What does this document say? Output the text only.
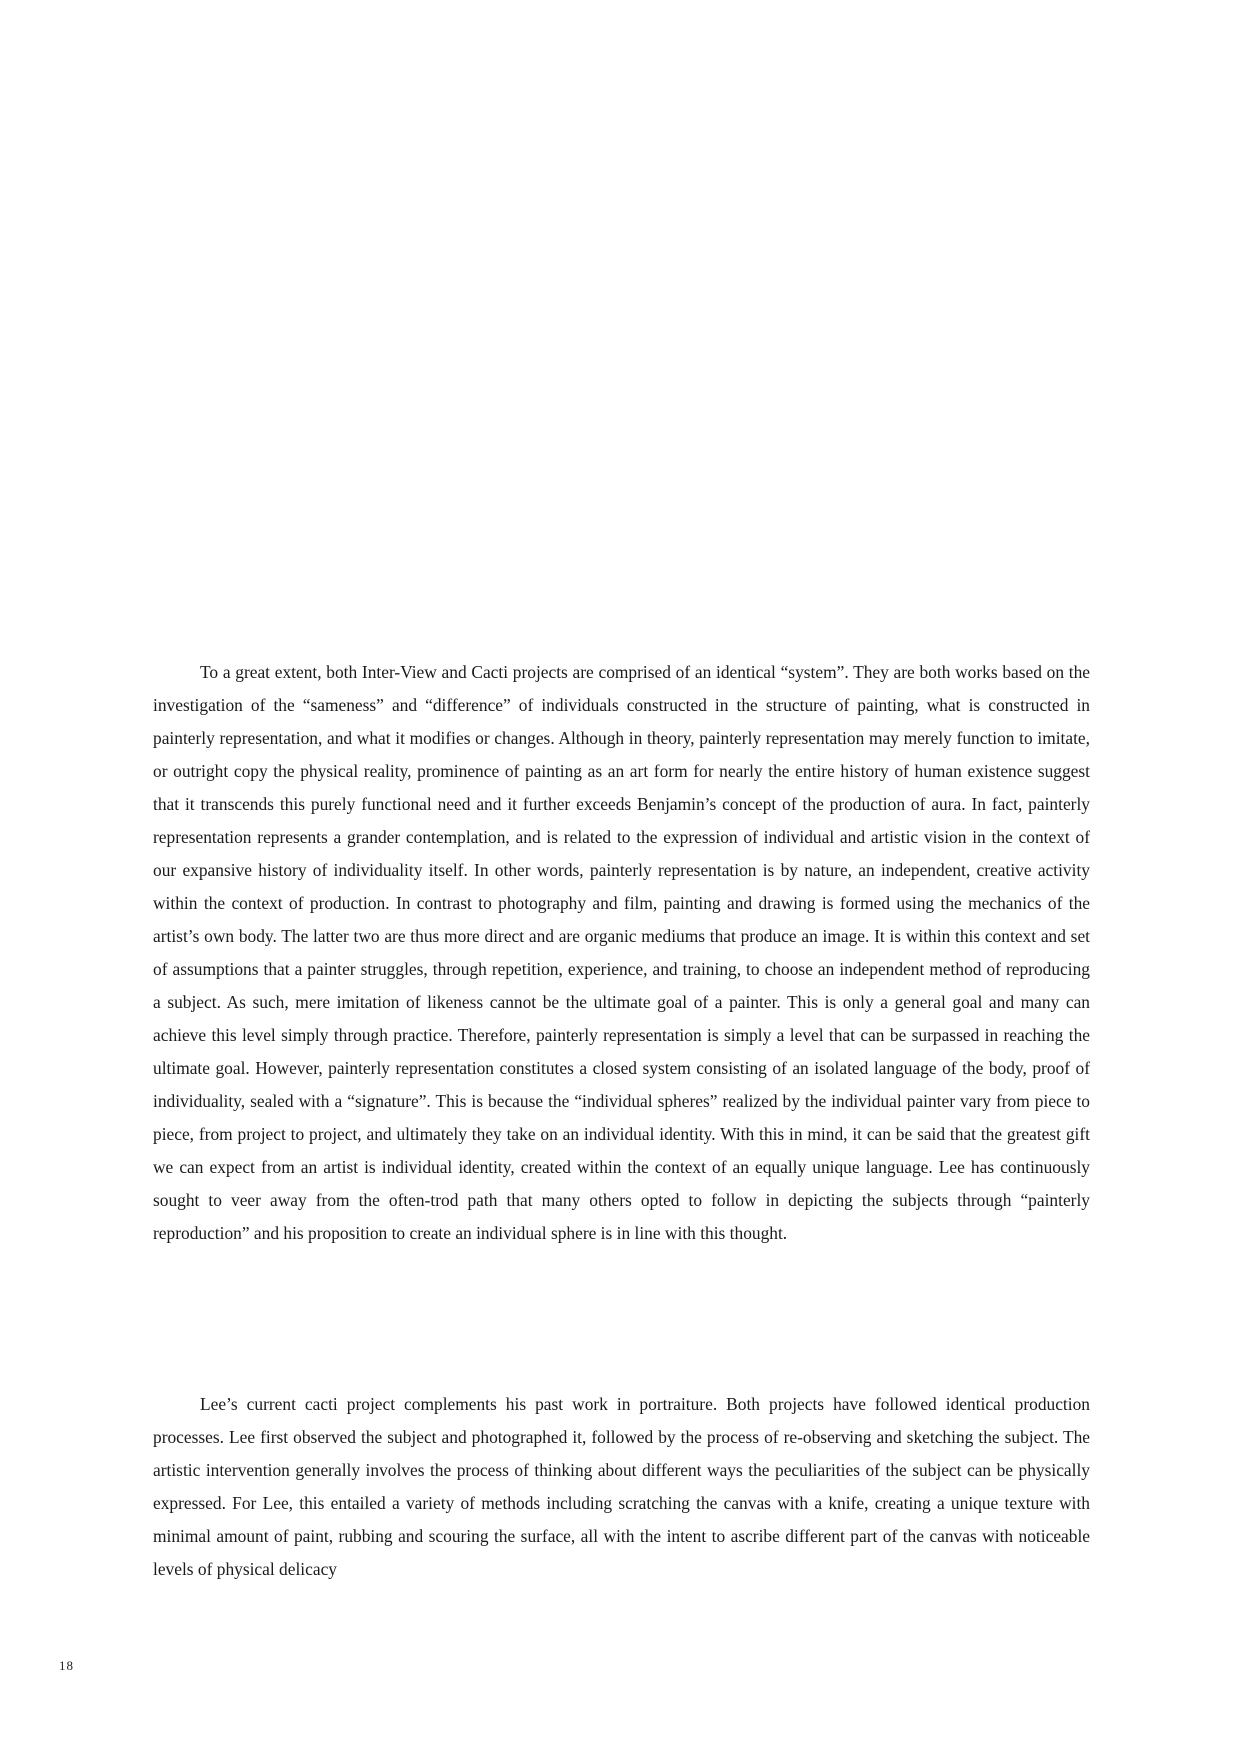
To a great extent, both Inter-View and Cacti projects are comprised of an identical “system”. They are both works based on the investigation of the “sameness” and “difference” of individuals constructed in the structure of painting, what is constructed in painterly representation, and what it modifies or changes. Although in theory, painterly representation may merely function to imitate, or outright copy the physical reality, prominence of painting as an art form for nearly the entire history of human existence suggest that it transcends this purely functional need and it further exceeds Benjamin’s concept of the production of aura. In fact, painterly representation represents a grander contemplation, and is related to the expression of individual and artistic vision in the context of our expansive history of individuality itself. In other words, painterly representation is by nature, an independent, creative activity within the context of production. In contrast to photography and film, painting and drawing is formed using the mechanics of the artist’s own body. The latter two are thus more direct and are organic mediums that produce an image. It is within this context and set of assumptions that a painter struggles, through repetition, experience, and training, to choose an independent method of reproducing a subject. As such, mere imitation of likeness cannot be the ultimate goal of a painter. This is only a general goal and many can achieve this level simply through practice. Therefore, painterly representation is simply a level that can be surpassed in reaching the ultimate goal. However, painterly representation constitutes a closed system consisting of an isolated language of the body, proof of individuality, sealed with a “signature”. This is because the “individual spheres” realized by the individual painter vary from piece to piece, from project to project, and ultimately they take on an individual identity. With this in mind, it can be said that the greatest gift we can expect from an artist is individual identity, created within the context of an equally unique language. Lee has continuously sought to veer away from the often-trod path that many others opted to follow in depicting the subjects through “painterly reproduction” and his proposition to create an individual sphere is in line with this thought.

Lee’s current cacti project complements his past work in portraiture. Both projects have followed identical production processes. Lee first observed the subject and photographed it, followed by the process of re-observing and sketching the subject. The artistic intervention generally involves the process of thinking about different ways the peculiarities of the subject can be physically expressed. For Lee, this entailed a variety of methods including scratching the canvas with a knife, creating a unique texture with minimal amount of paint, rubbing and scouring the surface, all with the intent to ascribe different part of the canvas with noticeable levels of physical delicacy

18
